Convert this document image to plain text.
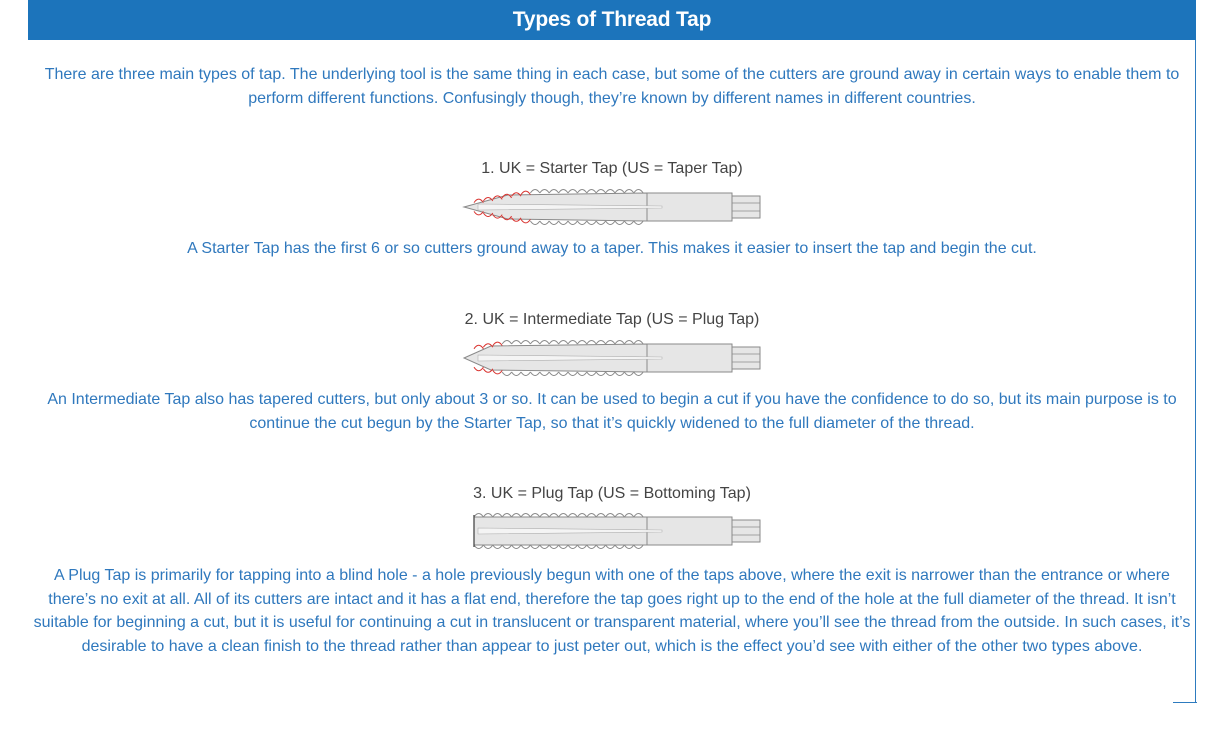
Types of Thread Tap

There are three main types of tap. The underlying tool is the same thing in each case, but some of the cutters are ground away in certain ways to enable them to perform different functions. Confusingly though, they’re known by different names in different countries.

1. UK = Starter Tap (US = Taper Tap)

A Starter Tap has the first 6 or so cutters ground away to a taper. This makes it easier to insert the tap and begin the cut.

2. UK = Intermediate Tap (US = Plug Tap)

An Intermediate Tap also has tapered cutters, but only about 3 or so. It can be used to begin a cut if you have the confidence to do so, but its main purpose is to continue the cut begun by the Starter Tap, so that it’s quickly widened to the full diameter of the thread.

3. UK = Plug Tap (US = Bottoming Tap)

A Plug Tap is primarily for tapping into a blind hole - a hole previously begun with one of the taps above, where the exit is narrower than the entrance or where there’s no exit at all. All of its cutters are intact and it has a flat end, therefore the tap goes right up to the end of the hole at the full diameter of the thread. It isn’t suitable for beginning a cut, but it is useful for continuing a cut in translucent or transparent material, where you’ll see the thread from the outside. In such cases, it’s desirable to have a clean finish to the thread rather than appear to just peter out, which is the effect you’d see with either of the other two types above.
